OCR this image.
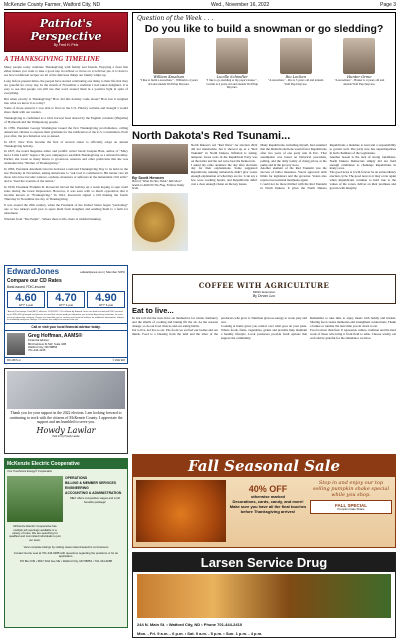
McKenzie County Farmer, Watford City, ND	Wed., November 16, 2022	Page 3
Patriot's Perspective
By Fred H. Pels
A THANKSGIVING TIMELINE

Many people today celebrate Thanksgiving with family and friends. Enjoying a feast that either makes you want to take a good nap in recliner or move on to leftover pie. It is hard to see how traditional recipes we all of the delicious things our family whips up.

Long before present times, the people have started celebrating one thing to their life that they are grateful for every day. In the month of November a tradition I had taken delighted. It is easy to see that people can still use that word around them in a positive light in spite of everything.

But when exactly is Thanksgiving? How did this holiday come about? How has it weighed into what we know it as today?

Some of those answers I was able to find on the U.S. History website and thought I would share them with our readers.

Thanksgiving is confirmed as a 1621 harvest feast shared by the English colonists (Pilgrims) of Plymouth and the Wampanoag people.

In 1789, President George Washington issued the first Thanksgiving proclamation, calling Americans citizens to express their gratitude for the ratification of the U.S. Constitution. Each year after, the proclamation was re-issued.

In 1817, New York became the first of several states to officially adopt an annual Thanksgiving holiday.

In 1827, the noted magazine editor and prolific writer Sarah Josepha Hale, author of "Mary had a Little Lamb" began a 36-year campaign to establish Thanksgiving as a national holiday. Earlier, she wrote so many letters to governors, senators and other politicians that she was nicknamed the "Mother of Thanksgiving."

In 1863, President Abraham Lincoln declared a national Thanksgiving Day to be held on the last Thursday in November, asking Americans to "ask God to commend to His tender care all those who have become widows, orphans, mourners or sufferers in the lamentable civil strife" and to "heal the wounds of the nation."

In 1939, President Franklin D. Roosevelt moved the holiday up a week hoping to spur retail sales during the Great Depression. However, it was seen with so much opposition that it became known as "Franksgiving." In 1941, Roosevelt signed a bill making the fourth Thursday in November the day of Thanksgiving.

It was around the 20th century, when the President of the United States began "pardoning" one or two turkeys each year to spare them from slaughter and sending them to a farm for retirement.

Wisdom from "The Pulpit" - Where there is life, there is wishful thinking.

EdwardJones	edwardjones.com | Member SIPC
Compare our CD Rates
Bank-issued, FDIC-insured
4.60
APY* 1-year
4.70
APY* 2-year
4.90
APY* 3-year
*Annual Percentage Yield (APY) effective 11/10/2022. CDs offered by Edward Jones are bank-issued and FDIC-insured up to $250,000 (principal and interest accrued but not yet paid) per depositor, per insured depository institution, for each account ownership category. Please visit www.fdic.gov or contact your financial advisor for additional information. Subject to availability and price change. CD values are subject to interest rate risk.
Call or visit your local financial advisor today.
Greg Hoffman, AAMS®
Financial Advisor
804 Fairview St SW, Suite 10B
Watford City, ND 58854
701-444-4145
FDI-1867L-A	© 2022 EDI
Thank you for your support in the 2022 election. I am looking forward to continuing to work with the citizens of McKenzie County. I appreciate the support and am humbled to serve you.
Howdy Lawlar
Paid for by Howdy Lawlar
McKenzie Electric Cooperative
Your Touchstone Energy® Cooperative
McKenzie Electric Cooperative has multiple job openings available in a variety of roles. We are searching for qualified and committed individuals to join our team.
OPERATIONS
BILLING & MEMBER SERVICES
ENGINEERING
ACCOUNTING & ADMINISTRATION
MEC offers competitive wages and a full benefits package!
View complete listings by visiting www.mckenzieelectric.com/careers
Contact Gerrie Leet at 701-444-9288 with questions regarding the positions or for an application.
PO Box 649 • 3817 23rd Ave NE • Watford City, ND 58854 • 701-444-9288
Question of the Week . . .
Do you like to build a snowman or go sledding?
William Knudson
"I like to build a snowman." - William is 4 years old and attends Wolf Pup Daycare.
Lucille Schindler
"I like to go sledding at my papa's house." - Lucille is 4 years old and attends Wolf Pup Daycare.
Rio Lochen
"A snowman." - Rio is 3 years old and attends Wolf Pup Daycare.
Hunter Orme
"A snowman." - Hunter is 4 years old and attends Wolf Pup Daycare.
North Dakota's Red Tsunami...
By Scott Hennen
Host of "What Do You Think? Talk Show" heard on AM1100 The Flag. Follows Today Scott.

North Dakota's red "Red Wave" for election 2022 did not materialize, but it showed up as a "Red Tsunami" in North Dakota. Inflation is taxing, tampons. Grass roots in the Republican Party was on the ballot and the red wave beat the Democrats.

I asked my radio audience the day after elections day for their explanations. Some suggested Republicans running nationwide didn't give voters enough explanation of what they are for. I can say a few were working harder, and Republicans didn't cast a clear enough vision on the key issues.

Many Republicans, including myself, had assumed that the midterm elections would favor Republicans after two years of one party rule in D.C. That assumption was based on historical precedent, polling, and the daily reality of rising prices at the pump and in the grocery store.

Another element of the Red Tsunami was the success of ballot measures. Voters approved term limits for legislators and the governor. Voters also rejected recreational marijuana again.

I could not be more thrilled with the Red Tsunami in North Dakota. It gives the North Dakota Republicans a mandate to lead and a responsibility to govern well. The party now has supermajorities in both chambers of the Legislature.

Another reason is the lack of strong candidates. North Dakota Democrats simply did not field enough candidates to challenge Republicans in many races.

The good news is it will forever be an extraordinary election cycle. The good news is it may occur again when Republicans continue to hold true to the values of the voters, deliver on their promises and govern with integrity.

COFFEE WITH AGRICULTURE
NDSU Extension
By Devan Leo
Eat to live...

In late fall and the trees have set themselves for winter dormancy and the smells of cooking and baking fill the air. As the seasons change, so do our food choices and our eating habits.

Eat to live, not live to eat. The foods we eat fuel our bodies and our minds. Food is a blessing from the land and the labor of the producers who grow it. Nutrition gives us energy to work, play and rest.

Cooking at home gives you control over what goes on your plate. Whole foods, fruits, vegetables, grains and proteins help maintain a healthy lifestyle. Local producers provide fresh options that support the community.

Remember to take time to enjoy meals with family and friends. Sharing food creates memories and strengthens connections. Thank a farmer or rancher the next time you sit down to eat.

Food is more than fuel. It represents culture, tradition and the hard work of those who bring it from field to table. Choose wisely, eat well and be grateful for the abundance we have.

Fall Seasonal Sale
40% OFF
otherwise marked
Decorations, cards, candy, and more! Make sure you have all the final touches before Thanksgiving arrives!
Stop in and enjoy our top selling pumpkin shake special while you shop.
FALL SPECIAL
Pumpkin Cake Shake
Larsen Service Drug
244 N. Main St. • Watford City, ND • Phone 701-444-2410
Mon. - Fri. 9 a.m. - 6 p.m. • Sat. 9 a.m. - 5 p.m. • Sun. 1 p.m. - 4 p.m.
